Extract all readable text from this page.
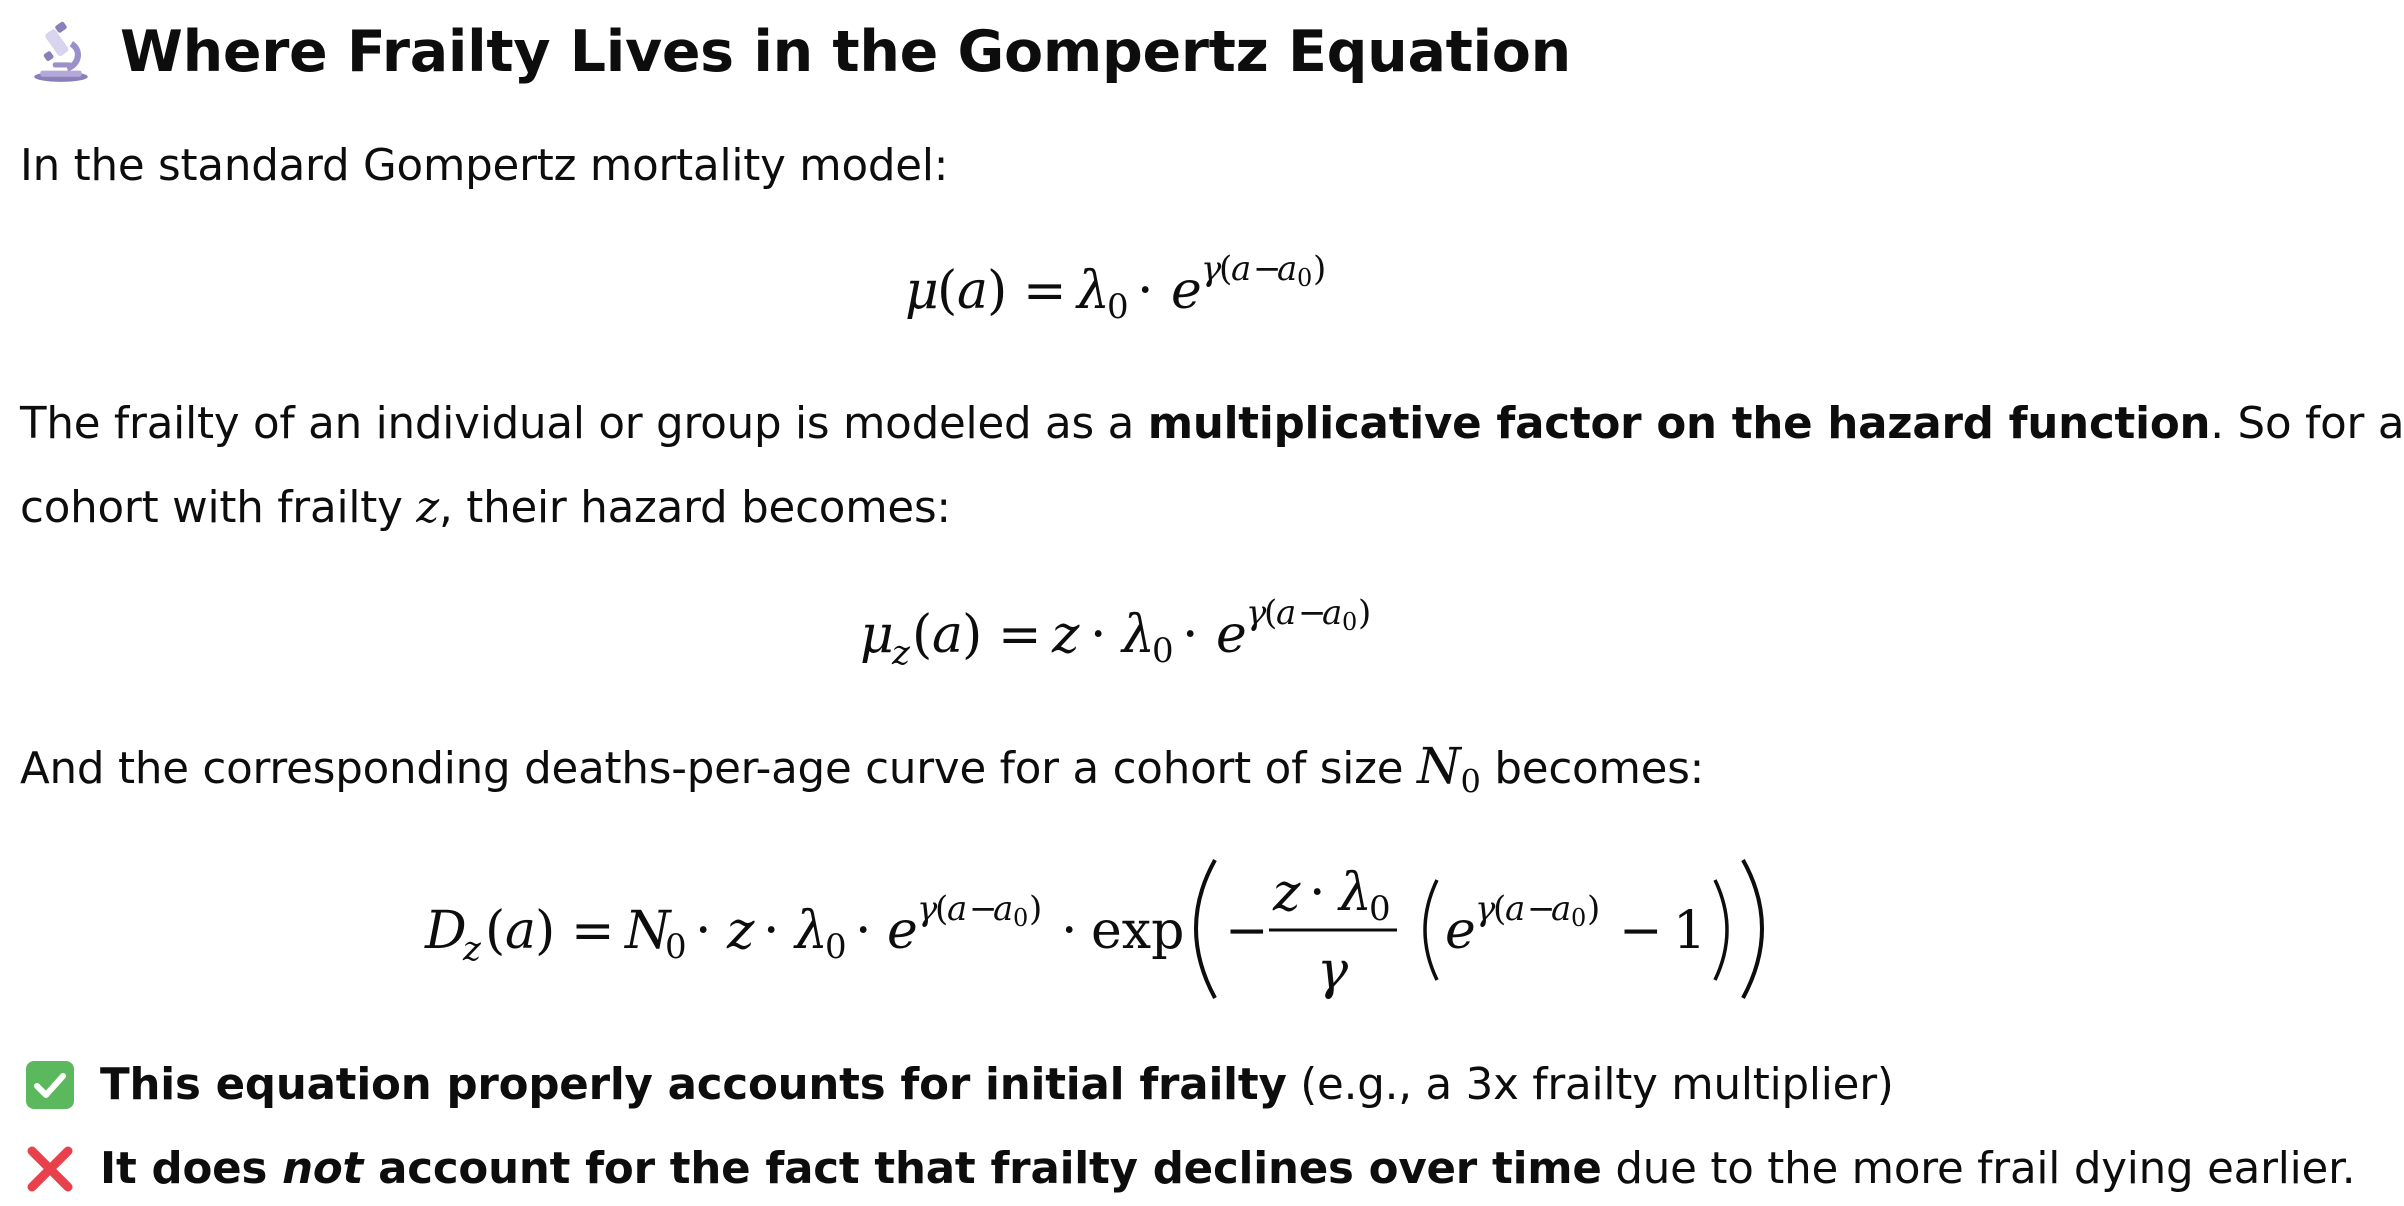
Where Frailty Lives in the Gompertz Equation

In the standard Gompertz mortality model:

μ
( a
) = λ
0 · e γ
(
a −
a 0 )

The frailty of an individual or group is modeled as a multiplicative factor on the hazard function. So for a

cohort with frailty z, their hazard becomes:

μ
z ( a
) = z · λ
0 · e γ
(
a −
a 0 )

And the corresponding deaths-per-age curve for a cohort of size $N_0$ becomes:

D
z ( a
) = N
0 · z · λ
0 · e γ
(
a −
a 0 ) · exp −
z · λ
0
γ
e γ
(
a −
a 0 ) − 1
This equation properly accounts for initial frailty (e.g., a 3x frailty multiplier)
It does not account for the fact that frailty declines over time due to the more frail dying earlier.
